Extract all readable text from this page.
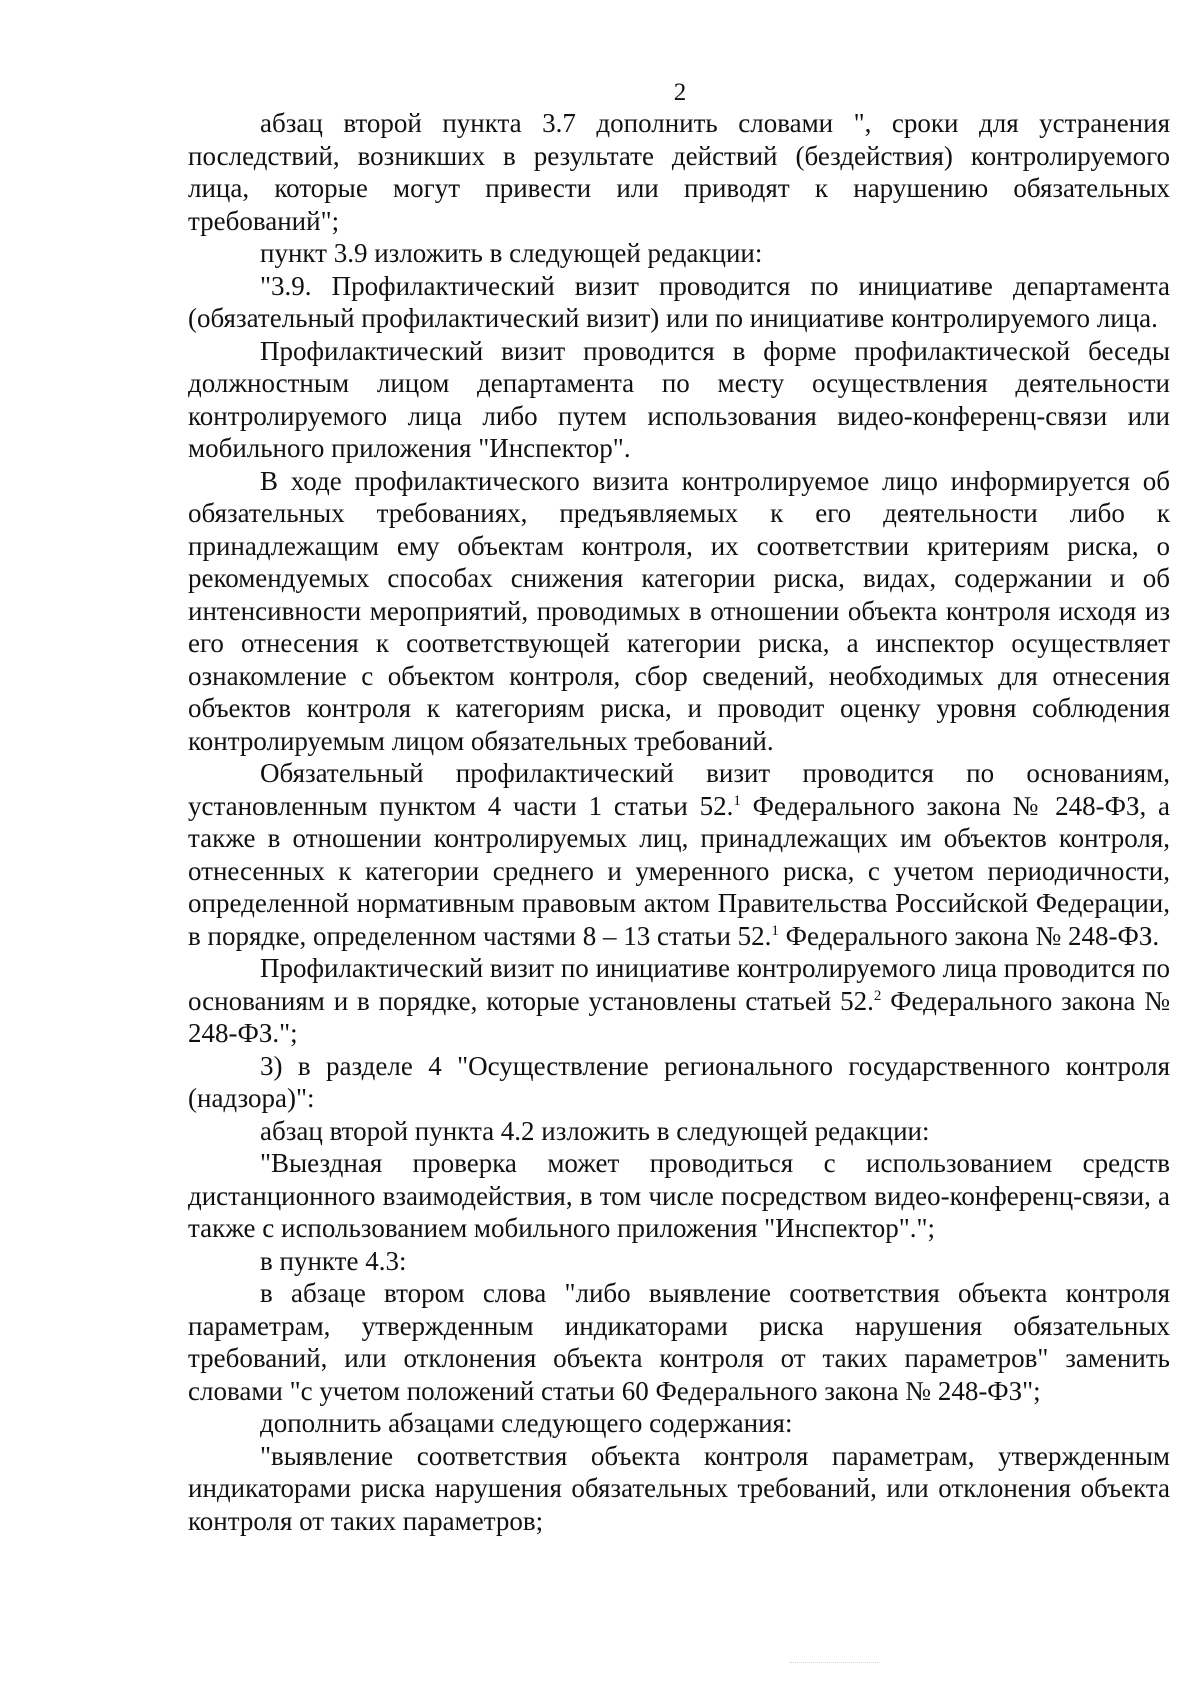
2

абзац второй пункта 3.7 дополнить словами ", сроки для устранения последствий, возникших в результате действий (бездействия) контролируемого лица, которые могут привести или приводят к нарушению обязательных требований";

пункт 3.9 изложить в следующей редакции:

"3.9. Профилактический визит проводится по инициативе департамента (обязательный профилактический визит) или по инициативе контролируемого лица.

Профилактический визит проводится в форме профилактической беседы должностным лицом департамента по месту осуществления деятельности контролируемого лица либо путем использования видео-конференц-связи или мобильного приложения "Инспектор".

В ходе профилактического визита контролируемое лицо информируется об обязательных требованиях, предъявляемых к его деятельности либо к принадлежащим ему объектам контроля, их соответствии критериям риска, о рекомендуемых способах снижения категории риска, видах, содержании и об интенсивности мероприятий, проводимых в отношении объекта контроля исходя из его отнесения к соответствующей категории риска, а инспектор осуществляет ознакомление с объектом контроля, сбор сведений, необходимых для отнесения объектов контроля к категориям риска, и проводит оценку уровня соблюдения контролируемым лицом обязательных требований.

Обязательный профилактический визит проводится по основаниям, установленным пунктом 4 части 1 статьи 52.$^1$ Федерального закона № 248-ФЗ, а также в отношении контролируемых лиц, принадлежащих им объектов контроля, отнесенных к категории среднего и умеренного риска, с учетом периодичности, определенной нормативным правовым актом Правительства Российской Федерации, в порядке, определенном частями 8 – 13 статьи 52.$^1$ Федерального закона № 248-ФЗ.

Профилактический визит по инициативе контролируемого лица проводится по основаниям и в порядке, которые установлены статьей 52.$^2$ Федерального закона № 248-ФЗ.";

3) в разделе 4 "Осуществление регионального государственного контроля (надзора)":

абзац второй пункта 4.2 изложить в следующей редакции:

"Выездная проверка может проводиться с использованием средств дистанционного взаимодействия, в том числе посредством видео-конференц-связи, а также с использованием мобильного приложения "Инспектор".";

в пункте 4.3:

в абзаце втором слова "либо выявление соответствия объекта контроля параметрам, утвержденным индикаторами риска нарушения обязательных требований, или отклонения объекта контроля от таких параметров" заменить словами "с учетом положений статьи 60 Федерального закона № 248-ФЗ";

дополнить абзацами следующего содержания:

"выявление соответствия объекта контроля параметрам, утвержденным индикаторами риска нарушения обязательных требований, или отклонения объекта контроля от таких параметров;
